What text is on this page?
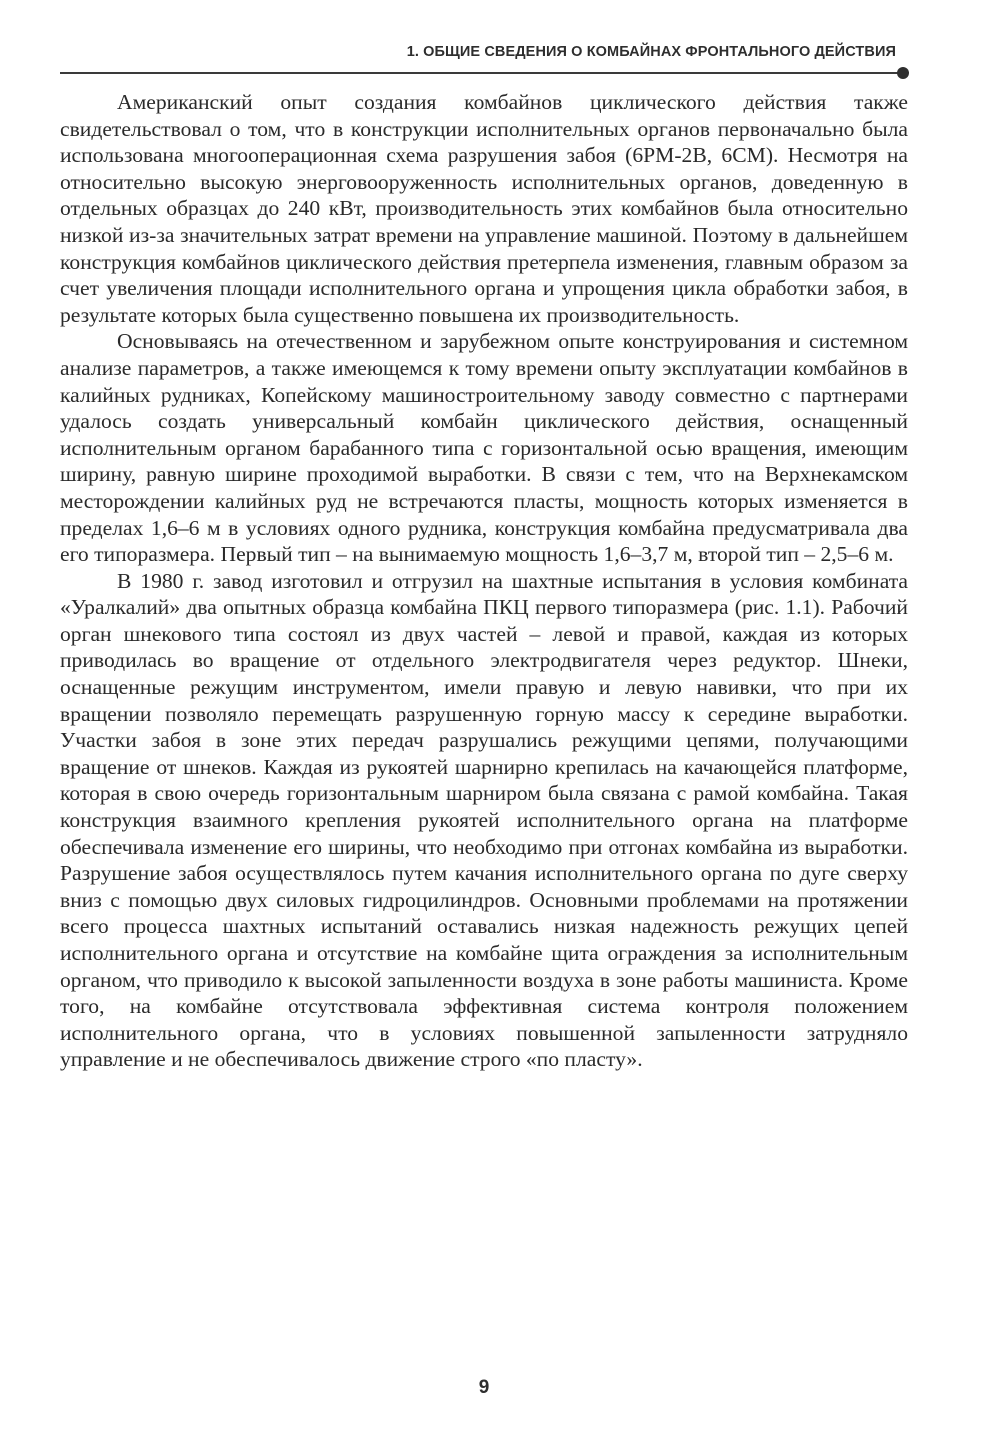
1. ОБЩИЕ СВЕДЕНИЯ О КОМБАЙНАХ ФРОНТАЛЬНОГО ДЕЙСТВИЯ

Американский опыт создания комбайнов циклического действия также свидетельствовал о том, что в конструкции исполнительных органов первоначально была использована многооперационная схема разрушения забоя (6PM-2B, 6CM). Несмотря на относительно высокую энерговооруженность исполнительных органов, доведенную в отдельных образцах до 240 кВт, производительность этих комбайнов была относительно низкой из-за значительных затрат времени на управление машиной. Поэтому в дальнейшем конструкция комбайнов циклического действия претерпела изменения, главным образом за счет увеличения площади исполнительного органа и упрощения цикла обработки забоя, в результате которых была существенно повышена их производительность.

Основываясь на отечественном и зарубежном опыте конструирования и системном анализе параметров, а также имеющемся к тому времени опыту эксплуатации комбайнов в калийных рудниках, Копейскому машиностроительному заводу совместно с партнерами удалось создать универсальный комбайн циклического действия, оснащенный исполнительным органом барабанного типа с горизонтальной осью вращения, имеющим ширину, равную ширине проходимой выработки. В связи с тем, что на Верхнекамском месторождении калийных руд не встречаются пласты, мощность которых изменяется в пределах 1,6–6 м в условиях одного рудника, конструкция комбайна предусматривала два его типоразмера. Первый тип – на вынимаемую мощность 1,6–3,7 м, второй тип – 2,5–6 м.

В 1980 г. завод изготовил и отгрузил на шахтные испытания в условия комбината «Уралкалий» два опытных образца комбайна ПКЦ первого типоразмера (рис. 1.1). Рабочий орган шнекового типа состоял из двух частей – левой и правой, каждая из которых приводилась во вращение от отдельного электродвигателя через редуктор. Шнеки, оснащенные режущим инструментом, имели правую и левую навивки, что при их вращении позволяло перемещать разрушенную горную массу к середине выработки. Участки забоя в зоне этих передач разрушались режущими цепями, получающими вращение от шнеков. Каждая из рукоятей шарнирно крепилась на качающейся платформе, которая в свою очередь горизонтальным шарниром была связана с рамой комбайна. Такая конструкция взаимного крепления рукоятей исполнительного органа на платформе обеспечивала изменение его ширины, что необходимо при отгонах комбайна из выработки. Разрушение забоя осуществлялось путем качания исполнительного органа по дуге сверху вниз с помощью двух силовых гидроцилиндров. Основными проблемами на протяжении всего процесса шахтных испытаний оставались низкая надежность режущих цепей исполнительного органа и отсутствие на комбайне щита ограждения за исполнительным органом, что приводило к высокой запыленности воздуха в зоне работы машиниста. Кроме того, на комбайне отсутствовала эффективная система контроля положением исполнительного органа, что в условиях повышенной запыленности затрудняло управление и не обеспечивалось движение строго «по пласту».

9
